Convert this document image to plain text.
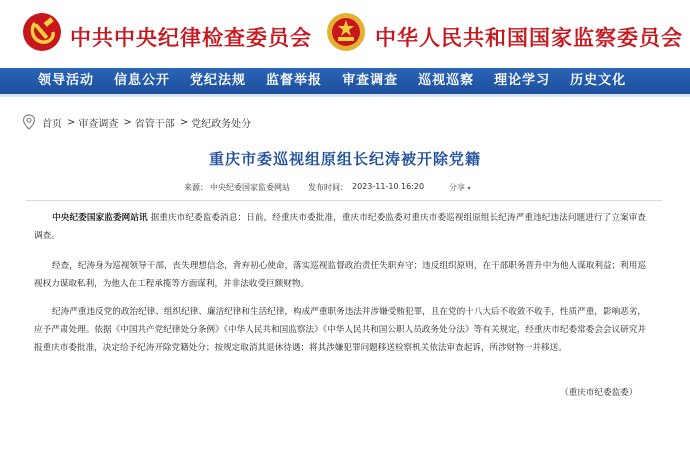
中共中央纪律检查委员会	中华人民共和国国家监察委员会
领导活动 信息公开 党纪法规 监督举报 审查调查 巡视巡察 理论学习 历史文化
首页 > 审查调查 > 省管干部 > 党纪政务处分
重庆市委巡视组原组长纪涛被开除党籍
来源： 中央纪委国家监委网站 发布时间： 2023-11-10 16:20	分享 ▾
中央纪委国家监委网站讯 据重庆市纪委监委消息：日前，经重庆市委批准，重庆市纪委监委对重庆市委巡视组原组长纪涛严重违纪违法问题进行了立案审查调查。
经查，纪涛身为巡视领导干部，丧失理想信念，背弃初心使命，落实巡视监督政治责任失职弃守；违反组织原则，在干部职务晋升中为他人谋取利益；利用巡视权力谋取私利，为他人在工程承揽等方面谋利，并非法收受巨额财物。
纪涛严重违反党的政治纪律、组织纪律、廉洁纪律和生活纪律，构成严重职务违法并涉嫌受贿犯罪，且在党的十八大后不收敛不收手，性质严重，影响恶劣，应予严肃处理。依据《中国共产党纪律处分条例》《中华人民共和国监察法》《中华人民共和国公职人员政务处分法》等有关规定，经重庆市纪委常委会会议研究并报重庆市委批准，决定给予纪涛开除党籍处分；按规定取消其退休待遇；将其涉嫌犯罪问题移送检察机关依法审查起诉，所涉财物一并移送。
（重庆市纪委监委）
